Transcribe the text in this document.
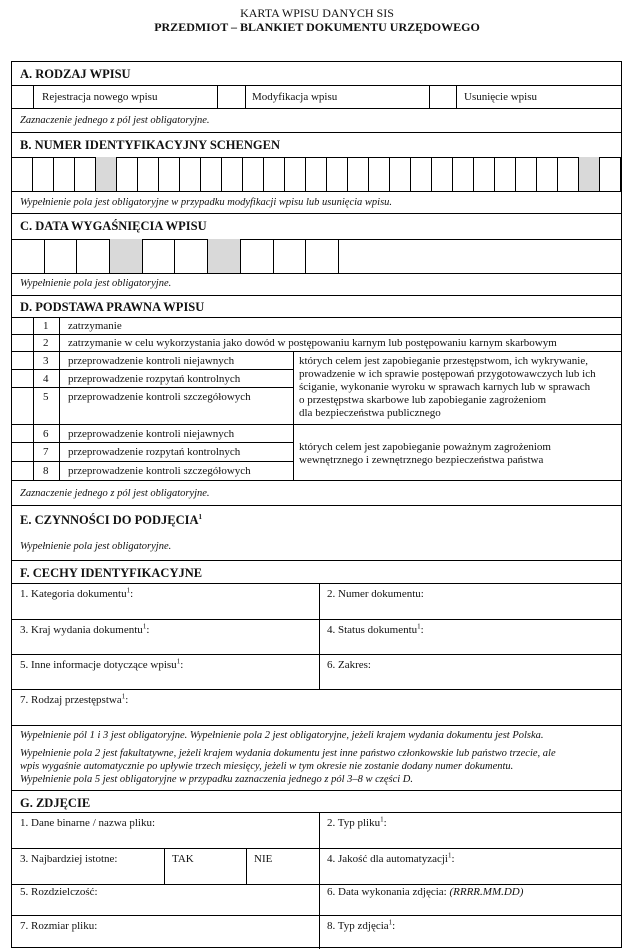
KARTA WPISU DANYCH SIS
PRZEDMIOT – BLANKIET DOKUMENTU URZĘDOWEGO
A. RODZAJ WPISU
Rejestracja nowego wpisu	Modyfikacja wpisu	Usunięcie wpisu
Zaznaczenie jednego z pól jest obligatoryjne.
B. NUMER IDENTYFIKACYJNY SCHENGEN
Wypełnienie pola jest obligatoryjne w przypadku modyfikacji wpisu lub usunięcia wpisu.
C. DATA WYGAŚNIĘCIA WPISU
Wypełnienie pola jest obligatoryjne.
D. PODSTAWA PRAWNA WPISU
1 zatrzymanie
2 zatrzymanie w celu wykorzystania jako dowód w postępowaniu karnym lub postępowaniu karnym skarbowym
3 przeprowadzenie kontroli niejawnych
4 przeprowadzenie rozpytań kontrolnych
5 przeprowadzenie kontroli szczegółowych
których celem jest zapobieganie przestępstwom, ich wykrywanie,
prowadzenie w ich sprawie postępowań przygotowawczych lub ich
ściganie, wykonanie wyroku w sprawach karnych lub w sprawach
o przestępstwa skarbowe lub zapobieganie zagrożeniom
dla bezpieczeństwa publicznego
6 przeprowadzenie kontroli niejawnych
7 przeprowadzenie rozpytań kontrolnych
8 przeprowadzenie kontroli szczegółowych
których celem jest zapobieganie poważnym zagrożeniom
wewnętrznego i zewnętrznego bezpieczeństwa państwa
Zaznaczenie jednego z pól jest obligatoryjne.
E. CZYNNOŚCI DO PODJĘCIA$^1$
Wypełnienie pola jest obligatoryjne.
F. CECHY IDENTYFIKACYJNE
1. Kategoria dokumentu$^1$:	2. Numer dokumentu:
3. Kraj wydania dokumentu$^1$:	4. Status dokumentu$^1$:
5. Inne informacje dotyczące wpisu$^1$:	6. Zakres:
7. Rodzaj przestępstwa$^1$:
Wypełnienie pól 1 i 3 jest obligatoryjne. Wypełnienie pola 2 jest obligatoryjne, jeżeli krajem wydania dokumentu jest Polska.
Wypełnienie pola 2 jest fakultatywne, jeżeli krajem wydania dokumentu jest inne państwo członkowskie lub państwo trzecie, ale
wpis wygaśnie automatycznie po upływie trzech miesięcy, jeżeli w tym okresie nie zostanie dodany numer dokumentu.
Wypełnienie pola 5 jest obligatoryjne w przypadku zaznaczenia jednego z pól 3–8 w części D.
G. ZDJĘCIE
1. Dane binarne / nazwa pliku:	2. Typ pliku$^1$:
3. Najbardziej istotne:	TAK	NIE	4. Jakość dla automatyzacji$^1$:
5. Rozdzielczość:	6. Data wykonania zdjęcia: (RRRR.MM.DD)
7. Rozmiar pliku:	8. Typ zdjęcia$^1$:
